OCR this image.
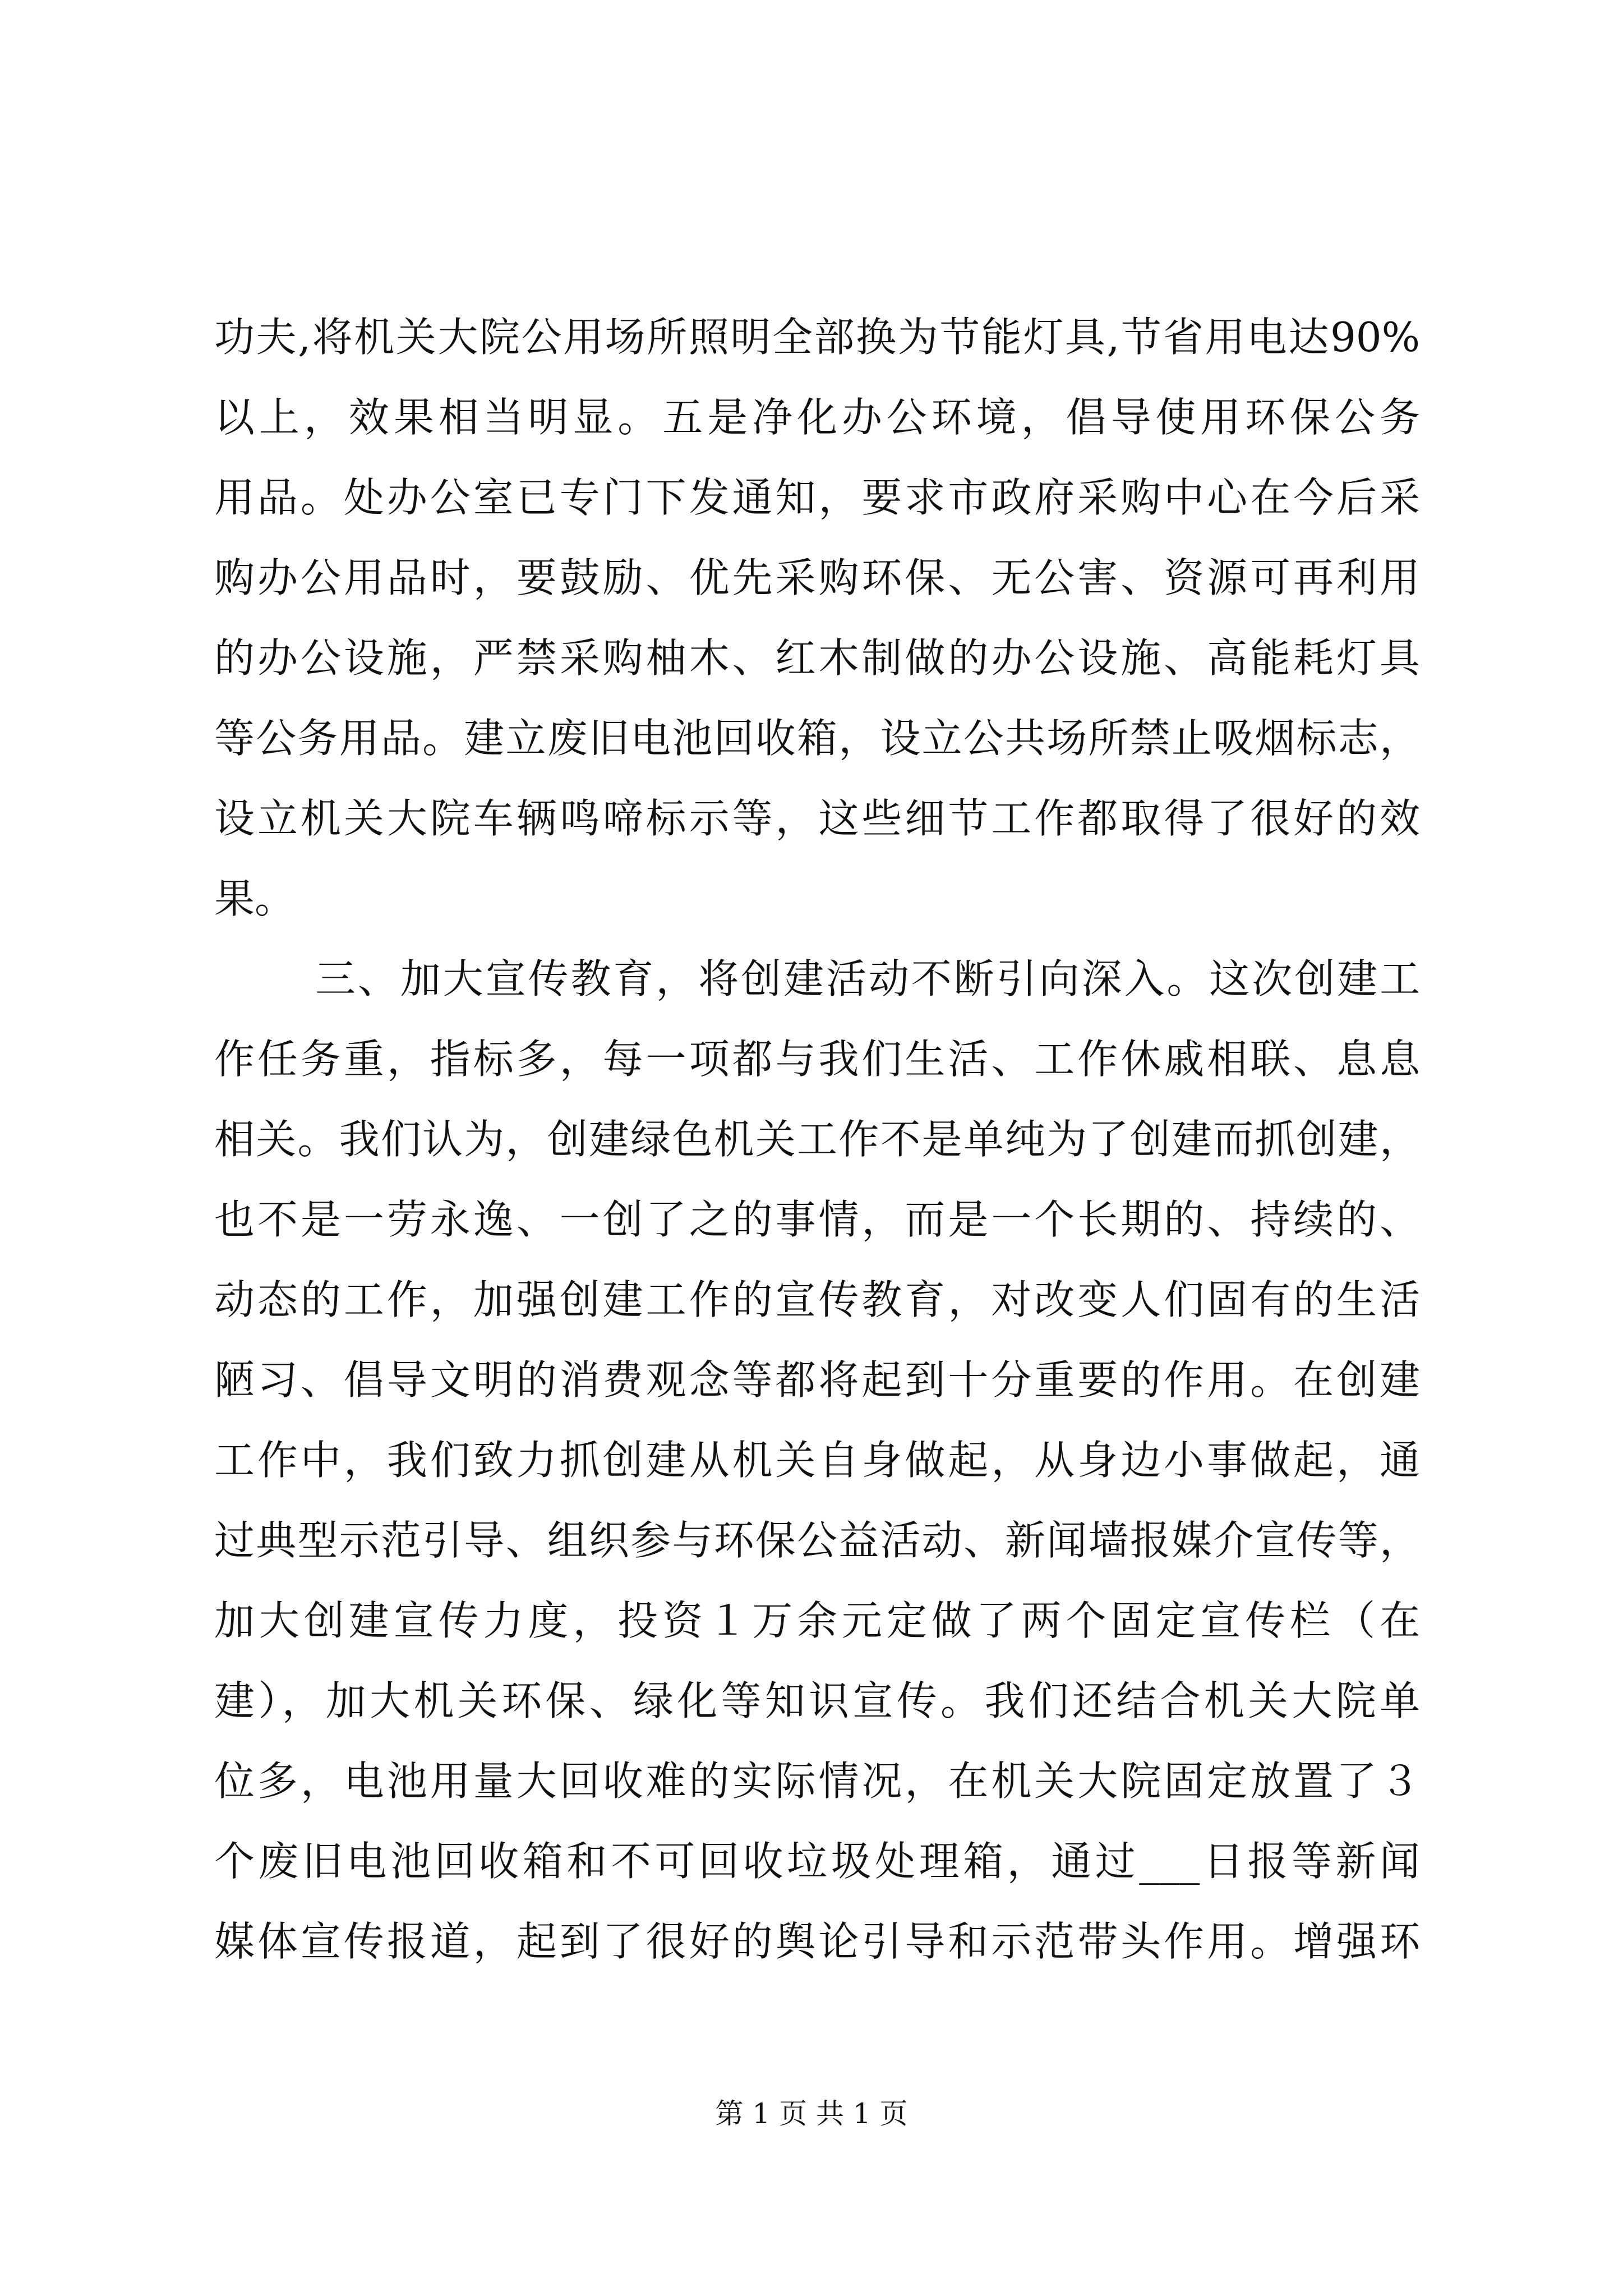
功夫,将机关大院公用场所照明全部换为节能灯具,节省用电达90%
以上，效果相当明显。五是净化办公环境，倡导使用环保公务
用品。处办公室已专门下发通知，要求市政府采购中心在今后采
购办公用品时，要鼓励、优先采购环保、无公害、资源可再利用
的办公设施，严禁采购柚木、红木制做的办公设施、高能耗灯具
等公务用品。建立废旧电池回收箱，设立公共场所禁止吸烟标志，
设立机关大院车辆鸣啼标示等，这些细节工作都取得了很好的效
果。
三、加大宣传教育，将创建活动不断引向深入。这次创建工
作任务重，指标多，每一项都与我们生活、工作休戚相联、息息
相关。我们认为，创建绿色机关工作不是单纯为了创建而抓创建，
也不是一劳永逸、一创了之的事情，而是一个长期的、持续的、
动态的工作，加强创建工作的宣传教育，对改变人们固有的生活
陋习、倡导文明的消费观念等都将起到十分重要的作用。在创建
工作中，我们致力抓创建从机关自身做起，从身边小事做起，通
过典型示范引导、组织参与环保公益活动、新闻墙报媒介宣传等，
加大创建宣传力度，投资１万余元定做了两个固定宣传栏（在
建），加大机关环保、绿化等知识宣传。我们还结合机关大院单
位多，电池用量大回收难的实际情况，在机关大院固定放置了３
个废旧电池回收箱和不可回收垃圾处理箱，通过___日报等新闻
媒体宣传报道，起到了很好的舆论引导和示范带头作用。增强环
第 1 页 共 1 页
